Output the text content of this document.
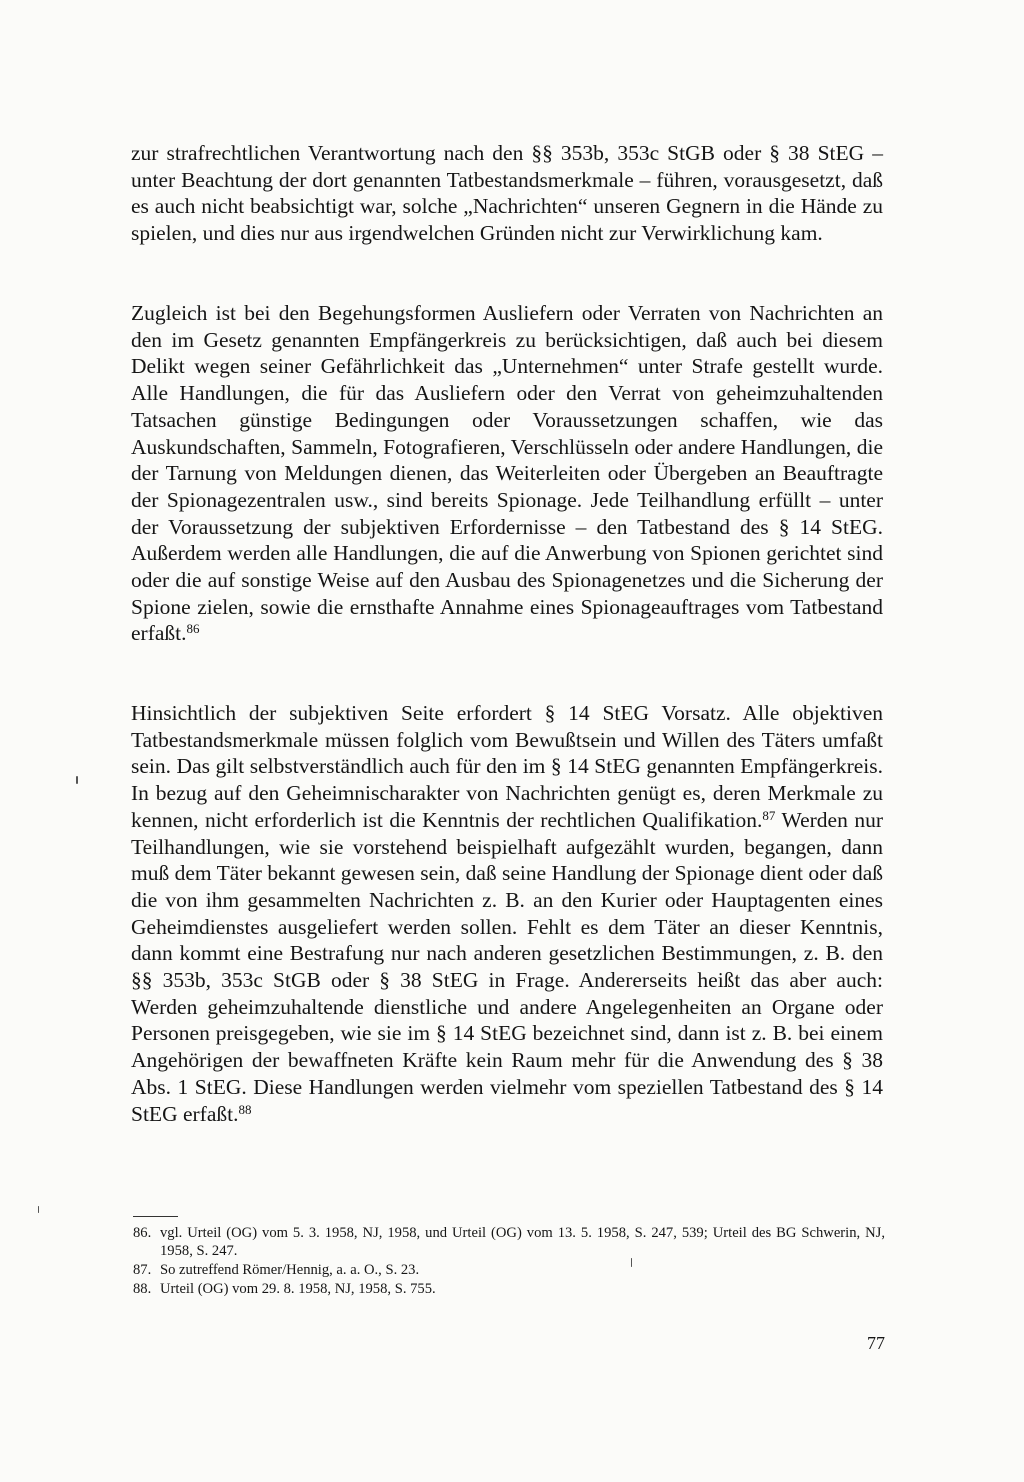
zur strafrechtlichen Verantwortung nach den §§ 353b, 353c StGB oder § 38 StEG – unter Beachtung der dort genannten Tatbestandsmerkmale – führen, vorausgesetzt, daß es auch nicht beabsichtigt war, solche „Nachrichten“ unseren Gegnern in die Hände zu spielen, und dies nur aus irgendwelchen Gründen nicht zur Verwirklichung kam.

Zugleich ist bei den Begehungsformen Ausliefern oder Verraten von Nachrichten an den im Gesetz genannten Empfängerkreis zu berücksichtigen, daß auch bei diesem Delikt wegen seiner Gefährlichkeit das „Unternehmen“ unter Strafe gestellt wurde. Alle Handlungen, die für das Ausliefern oder den Verrat von geheimzuhaltenden Tatsachen günstige Bedingungen oder Voraussetzungen schaffen, wie das Auskundschaften, Sammeln, Fotografieren, Verschlüsseln oder andere Handlungen, die der Tarnung von Meldungen dienen, das Weiterleiten oder Übergeben an Beauftragte der Spionagezentralen usw., sind bereits Spionage. Jede Teilhandlung erfüllt – unter der Voraussetzung der subjektiven Erfordernisse – den Tatbestand des § 14 StEG. Außerdem werden alle Handlungen, die auf die Anwerbung von Spionen gerichtet sind oder die auf sonstige Weise auf den Ausbau des Spionagenetzes und die Sicherung der Spione zielen, sowie die ernsthafte Annahme eines Spionageauftrages vom Tatbestand erfaßt.$^{86}$

Hinsichtlich der subjektiven Seite erfordert § 14 StEG Vorsatz. Alle objektiven Tatbestandsmerkmale müssen folglich vom Bewußtsein und Willen des Täters umfaßt sein. Das gilt selbstverständlich auch für den im § 14 StEG genannten Empfängerkreis. In bezug auf den Geheimnischarakter von Nachrichten genügt es, deren Merkmale zu kennen, nicht erforderlich ist die Kenntnis der rechtlichen Qualifikation.$^{87}$ Werden nur Teilhandlungen, wie sie vorstehend beispielhaft aufgezählt wurden, begangen, dann muß dem Täter bekannt gewesen sein, daß seine Handlung der Spionage dient oder daß die von ihm gesammelten Nachrichten z. B. an den Kurier oder Hauptagenten eines Geheimdienstes ausgeliefert werden sollen. Fehlt es dem Täter an dieser Kenntnis, dann kommt eine Bestrafung nur nach anderen gesetzlichen Bestimmungen, z. B. den §§ 353b, 353c StGB oder § 38 StEG in Frage. Andererseits heißt das aber auch: Werden geheimzuhaltende dienstliche und andere Angelegenheiten an Organe oder Personen preisgegeben, wie sie im § 14 StEG bezeichnet sind, dann ist z. B. bei einem Angehörigen der bewaffneten Kräfte kein Raum mehr für die Anwendung des § 38 Abs. 1 StEG. Diese Handlungen werden vielmehr vom speziellen Tatbestand des § 14 StEG erfaßt.$^{88}$

86. vgl. Urteil (OG) vom 5. 3. 1958, NJ, 1958, und Urteil (OG) vom 13. 5. 1958, S. 247, 539; Urteil des BG Schwerin, NJ, 1958, S. 247.
87. So zutreffend Römer/Hennig, a. a. O., S. 23.
88. Urteil (OG) vom 29. 8. 1958, NJ, 1958, S. 755.
77
